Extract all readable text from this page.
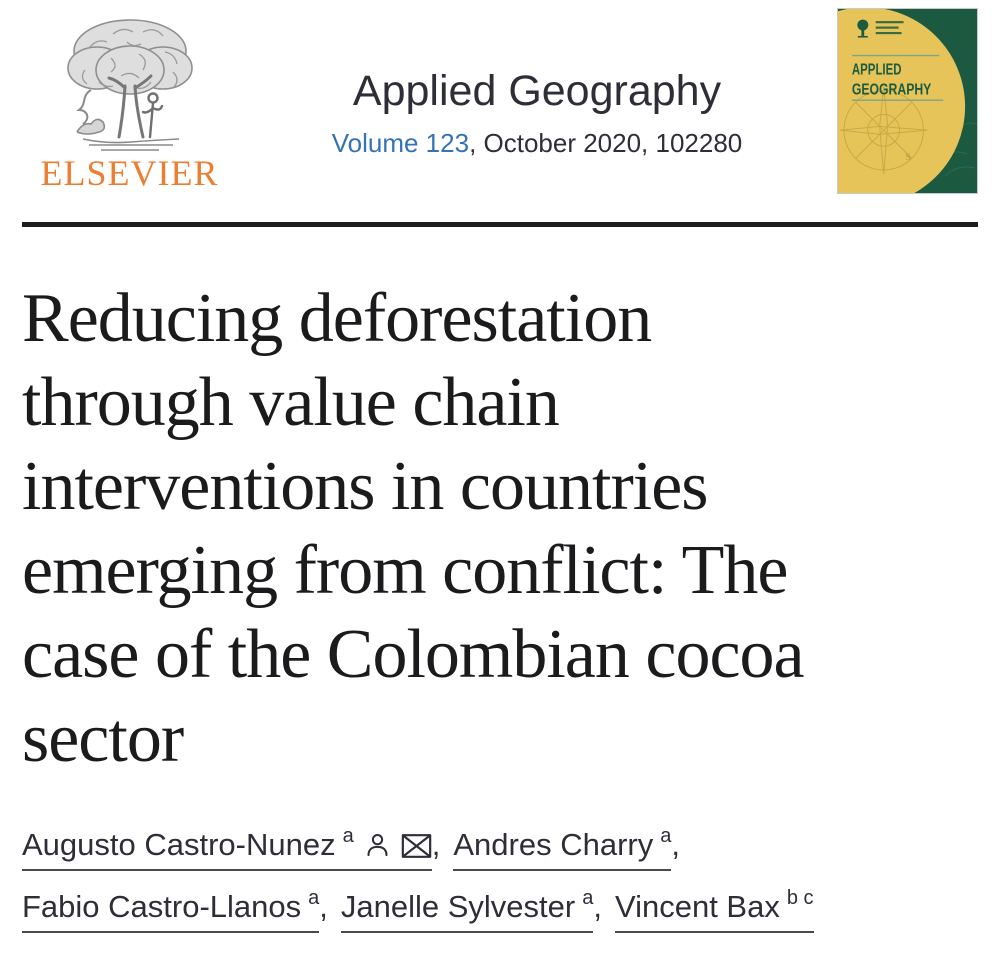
ELSEVIER
Applied Geography
Volume 123, October 2020, 102280	S
APPLIED
GEOGRAPHY
Reducing deforestation
through value chain
interventions in countries
emerging from conflict: The
case of the Colombian cocoa
sector
Augusto Castro-Nunez $^a$	, Andres Charry $^a$,
Fabio Castro-Llanos $^a$, Janelle Sylvester $^a$, Vincent Bax $^{b c}$
